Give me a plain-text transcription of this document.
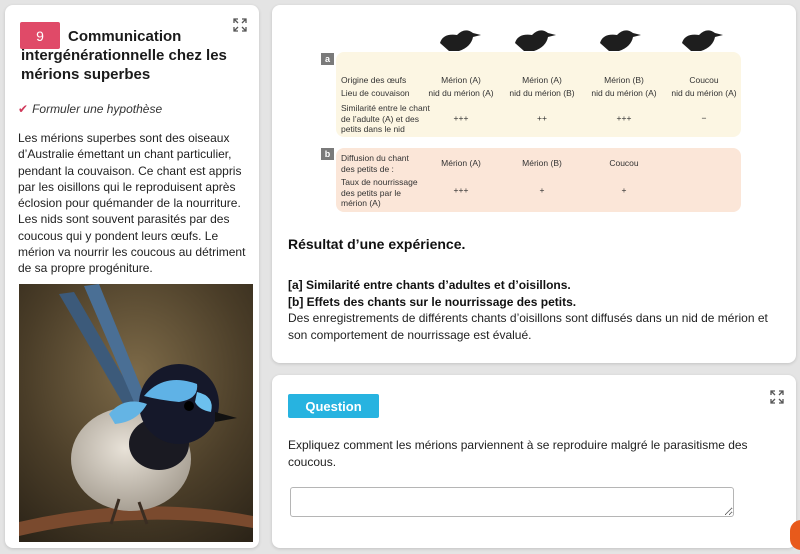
9	Communication intergénérationnelle chez les mérions superbes
✔ Formuler une hypothèse
Les mérions superbes sont des oiseaux d’Australie émettant un chant particulier, pendant la couvaison. Ce chant est appris par les oisillons qui le reproduisent après éclosion pour quémander de la nourriture. Les nids sont souvent parasités par des coucous qui y pondent leurs œufs. Le mérion va nourrir les coucous au détriment de sa propre progéniture.
a
Origine des œufs
Lieu de couvaison
Similarité entre le chant de l’adulte (A) et des petits dans le nid
Mérion (A)
nid du mérion (A)
+++
Mérion (A)
nid du mérion (B)
++
Mérion (B)
nid du mérion (A)
+++
Coucou
nid du mérion (A)
−
b	Diffusion du chant des petits de :
Taux de nourrissage des petits par le mérion (A)
Mérion (A)
+++
Mérion (B)
+
Coucou
+
Résultat d’une expérience.
[a] Similarité entre chants d’adultes et d’oisillons.
[b] Effets des chants sur le nourrissage des petits.
Des enregistrements de différents chants d’oisillons sont diffusés dans un nid de mérion et son comportement de nourrissage est évalué.
Question
Expliquez comment les mérions parviennent à se reproduire malgré le parasitisme des coucous.
